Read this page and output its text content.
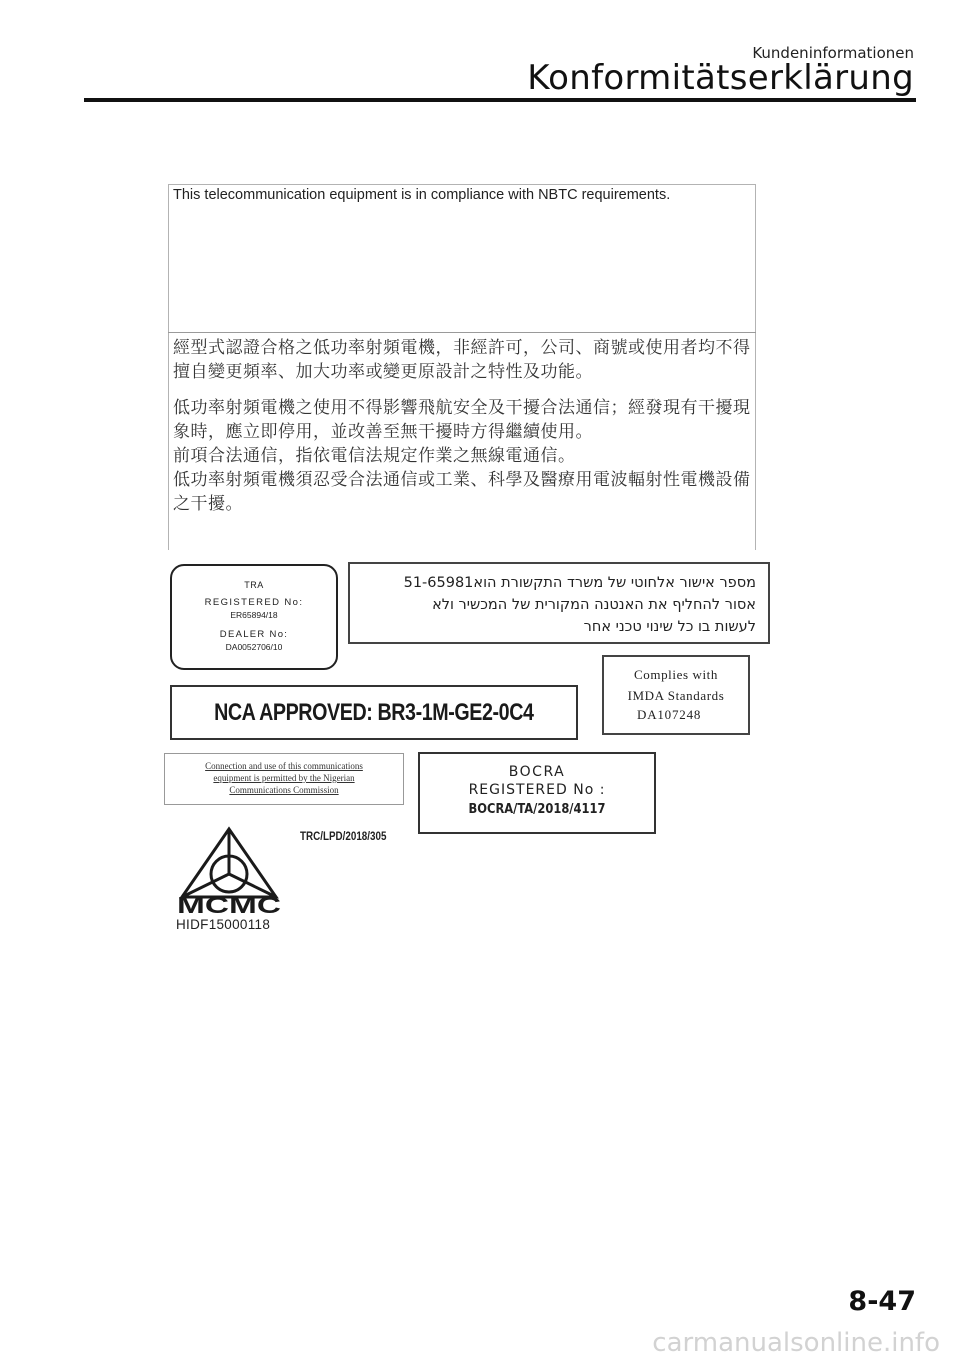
Kundeninformationen
Konformitätserklärung
This telecommunication equipment is in compliance with NBTC requirements.
經型式認證合格之低功率射頻電機，非經許可，公司、商號或使用者均不得
擅自變更頻率、加大功率或變更原設計之特性及功能。
低功率射頻電機之使用不得影響飛航安全及干擾合法通信；經發現有干擾現
象時，應立即停用，並改善至無干擾時方得繼續使用。
前項合法通信，指依電信法規定作業之無線電通信。
低功率射頻電機須忍受合法通信或工業、科學及醫療用電波輻射性電機設備
之干擾。
TRA
REGISTERED No:
ER65894/18
DEALER No:
DA0052706/10
מספר אישור אלחוטי של משרד התקשורת הוא51-65981
אסור להחליף את האנטנה המקורית של המכשיר ולא
לעשות בו כל שינוי טכני אחר
NCA APPROVED: BR3-1M-GE2-0C4
Complies with
IMDA Standards
DA107248
Connection and use of this communications
equipment is permitted by the Nigerian
Communications Commission
BOCRA
REGISTERED No :
BOCRA/TA/2018/4117
TRC/LPD/2018/305
MCMC
HIDF15000118
8-47
carmanualsonline.info
